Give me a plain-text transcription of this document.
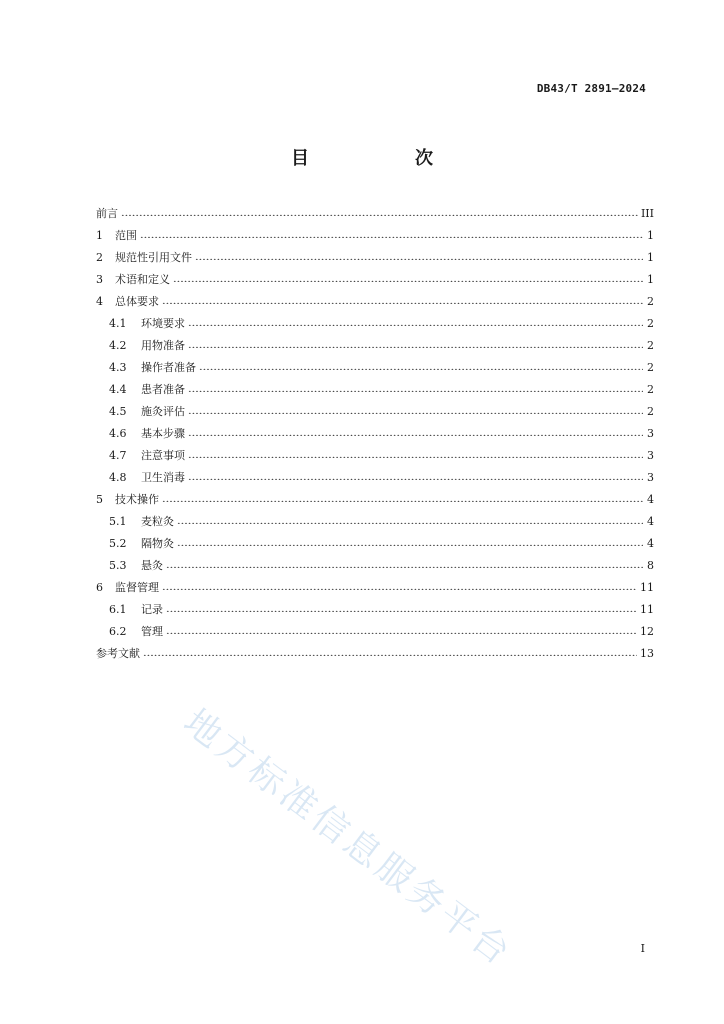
DB43/T 2891—2024
目　次
前言	III
1	范围	1
2	规范性引用文件	1
3	术语和定义	1
4	总体要求	2
4.1	环境要求	2
4.2	用物准备	2
4.3	操作者准备	2
4.4	患者准备	2
4.5	施灸评估	2
4.6	基本步骤	3
4.7	注意事项	3
4.8	卫生消毒	3
5	技术操作	4
5.1	麦粒灸	4
5.2	隔物灸	4
5.3	悬灸	8
6	监督管理	11
6.1	记录	11
6.2	管理	12
参考文献	13
地方标准信息服务平台	I
